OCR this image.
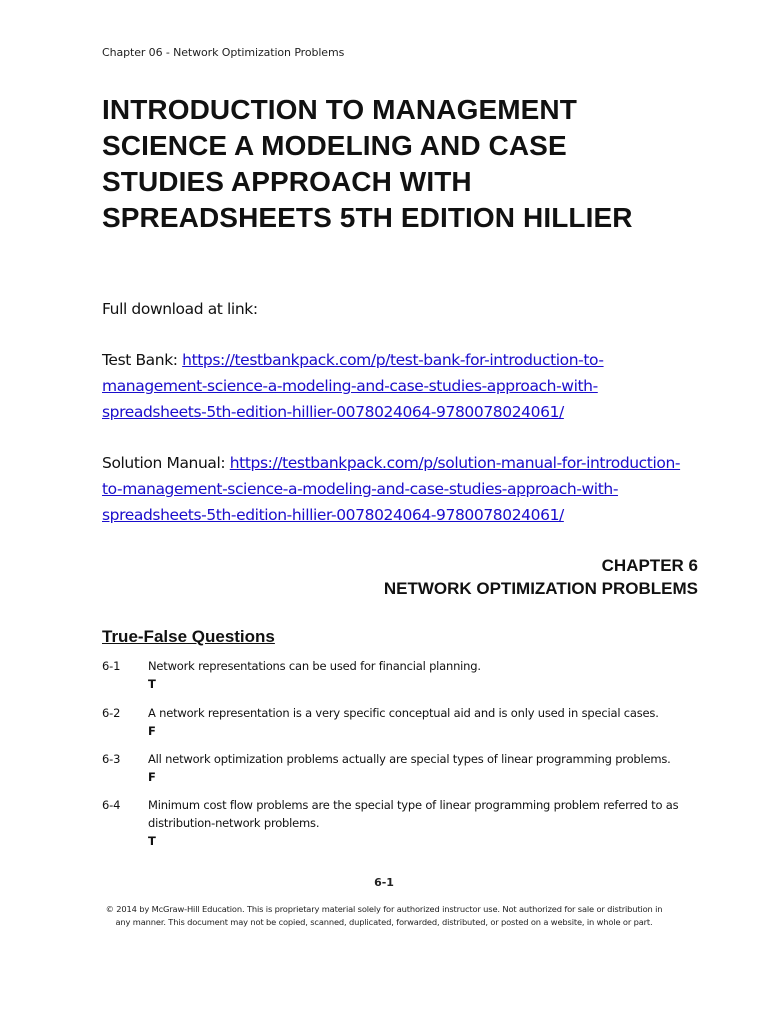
Chapter 06 - Network Optimization Problems
INTRODUCTION TO MANAGEMENT
SCIENCE A MODELING AND CASE
STUDIES APPROACH WITH
SPREADSHEETS 5TH EDITION HILLIER
Full download at link:
Test Bank: https://testbankpack.com/p/test-bank-for-introduction-to-management-science-a-modeling-and-case-studies-approach-with-spreadsheets-5th-edition-hillier-0078024064-9780078024061/
Solution Manual: https://testbankpack.com/p/solution-manual-for-introduction-to-management-science-a-modeling-and-case-studies-approach-with-spreadsheets-5th-edition-hillier-0078024064-9780078024061/
CHAPTER 6
NETWORK OPTIMIZATION PROBLEMS
True-False Questions
6-1	Network representations can be used for financial planning.
T
6-2	A network representation is a very specific conceptual aid and is only used in special cases.
F
6-3	All network optimization problems actually are special types of linear programming problems.
F
6-4	Minimum cost flow problems are the special type of linear programming problem referred to as distribution-network problems.
T
6-1
© 2014 by McGraw-Hill Education. This is proprietary material solely for authorized instructor use. Not authorized for sale or distribution in any manner. This document may not be copied, scanned, duplicated, forwarded, distributed, or posted on a website, in whole or part.
